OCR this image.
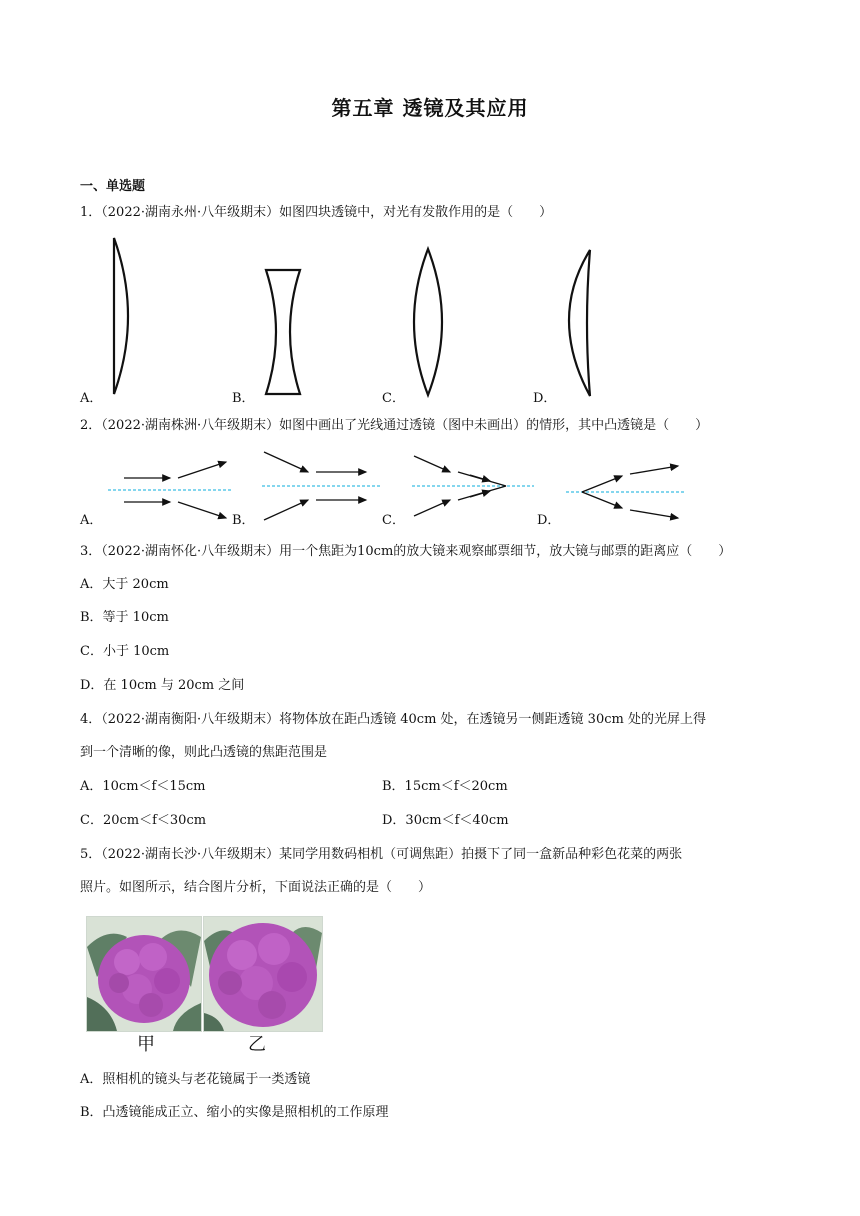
第五章 透镜及其应用
一、单选题
1．（2022·湖南永州·八年级期末）如图四块透镜中，对光有发散作用的是（　　）
A．	B．	C．	D．
2．（2022·湖南株洲·八年级期末）如图中画出了光线通过透镜（图中未画出）的情形，其中凸透镜是（　　）
A．	B．	C．	D．
3．（2022·湖南怀化·八年级期末）用一个焦距为10cm的放大镜来观察邮票细节，放大镜与邮票的距离应（　　）
A．大于 20cm
B．等于 10cm
C．小于 10cm
D．在 10cm 与 20cm 之间
4．（2022·湖南衡阳·八年级期末）将物体放在距凸透镜 40cm 处，在透镜另一侧距透镜 30cm 处的光屏上得
到一个清晰的像，则此凸透镜的焦距范围是
A．10cm＜f＜15cm	B．15cm＜f＜20cm
C．20cm＜f＜30cm	D．30cm＜f＜40cm
5．（2022·湖南长沙·八年级期末）某同学用数码相机（可调焦距）拍摄下了同一盒新品种彩色花菜的两张
照片。如图所示，结合图片分析，下面说法正确的是（　　）
甲	乙
A．照相机的镜头与老花镜属于一类透镜
B．凸透镜能成正立、缩小的实像是照相机的工作原理
